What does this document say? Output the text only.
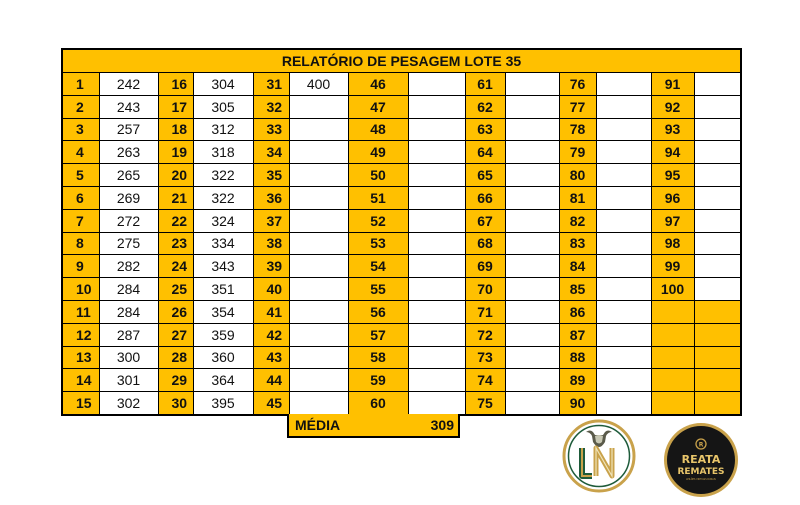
RELATÓRIO DE PESAGEM LOTE 35
1	242	16	304	31	400	46		61		76		91	
2	243	17	305	32		47		62		77		92	
3	257	18	312	33		48		63		78		93	
4	263	19	318	34		49		64		79		94	
5	265	20	322	35		50		65		80		95	
6	269	21	322	36		51		66		81		96	
7	272	22	324	37		52		67		82		97	
8	275	23	334	38		53		68		83		98	
9	282	24	343	39		54		69		84		99	
10	284	25	351	40		55		70		85		100	
11	284	26	354	41		56		71		86			
12	287	27	359	42		57		72		87			
13	300	28	360	43		58		73		88			
14	301	29	364	44		59		74		89			
15	302	30	395	45		60		75		90			
MÉDIA	309
R
REATA
REMATES
LEILÕES VIRTUAIS RURAIS
